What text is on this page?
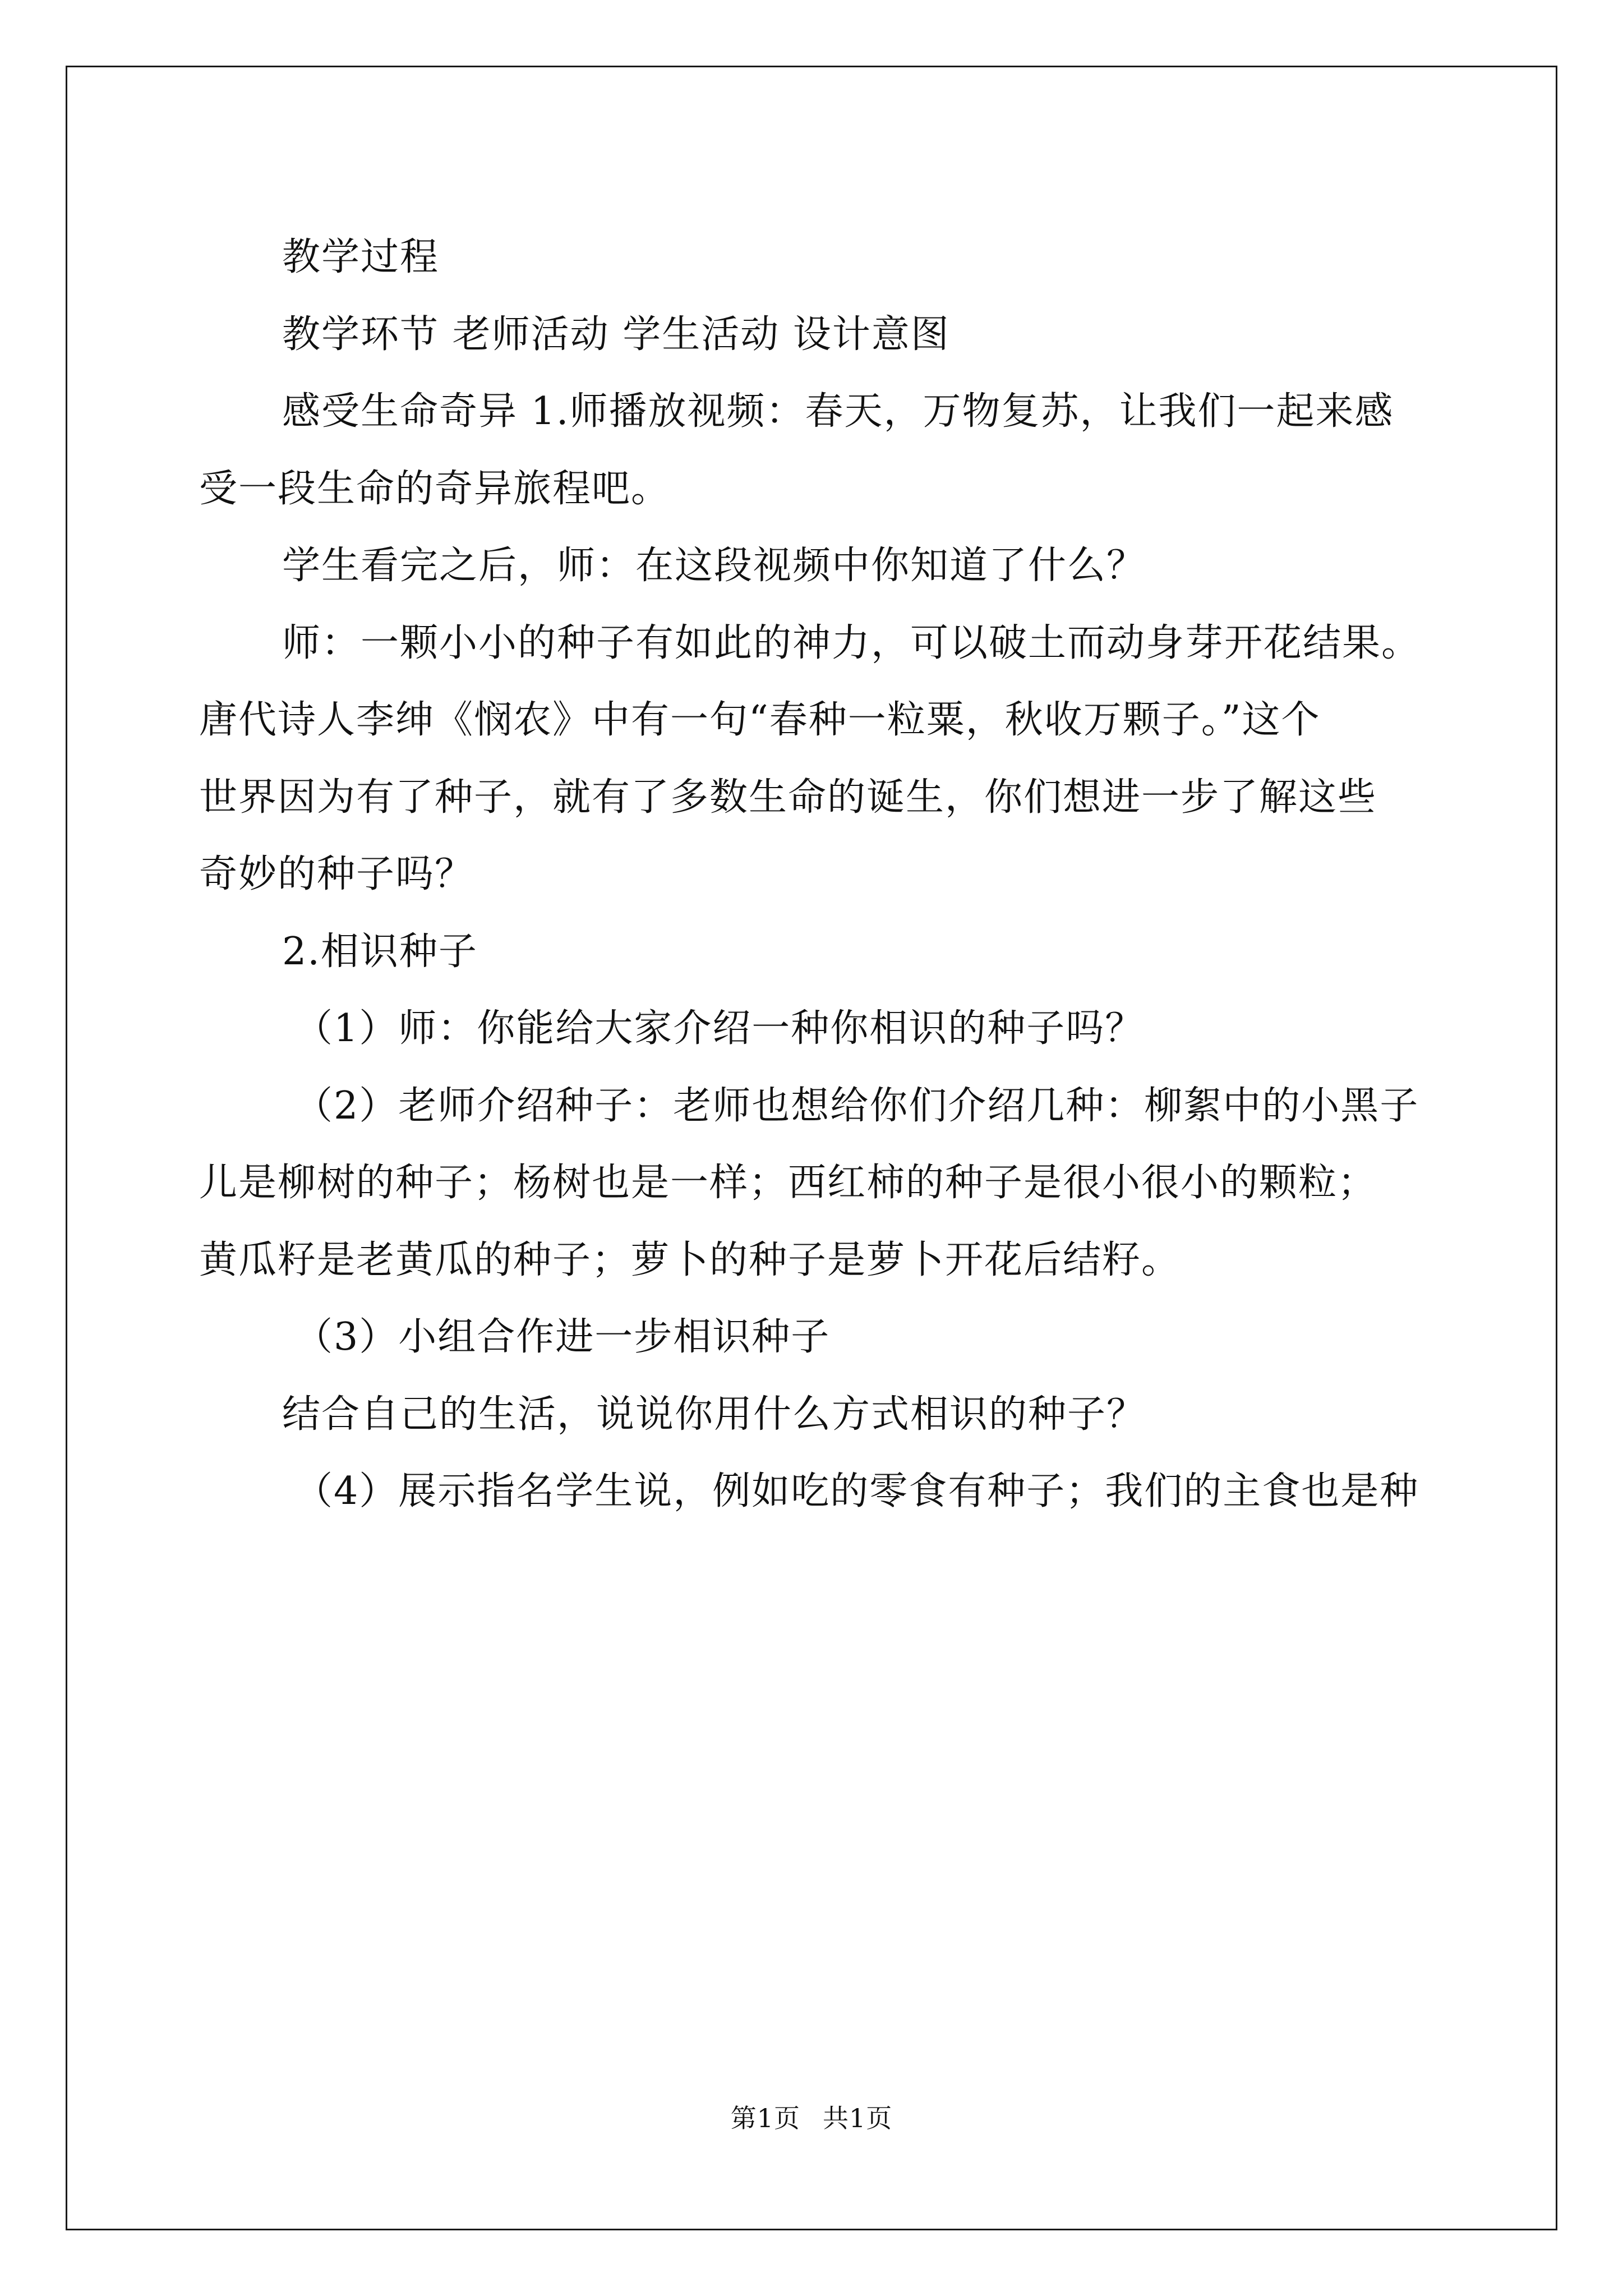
教学过程

教学环节 老师活动 学生活动 设计意图

感受生命奇异 1.师播放视频：春天，万物复苏，让我们一起来感

受一段生命的奇异旅程吧。

学生看完之后，师：在这段视频中你知道了什么？

师：一颗小小的种子有如此的神力，可以破土而动身芽开花结果。

唐代诗人李绅《悯农》中有一句“春种一粒粟，秋收万颗子。”这个

世界因为有了种子，就有了多数生命的诞生，你们想进一步了解这些

奇妙的种子吗？

2.相识种子

（1）师：你能给大家介绍一种你相识的种子吗？

（2）老师介绍种子：老师也想给你们介绍几种：柳絮中的小黑子

儿是柳树的种子；杨树也是一样；西红柿的种子是很小很小的颗粒；

黄瓜籽是老黄瓜的种子；萝卜的种子是萝卜开花后结籽。

（3）小组合作进一步相识种子

结合自己的生活，说说你用什么方式相识的种子？

（4）展示指名学生说，例如吃的零食有种子；我们的主食也是种

第1页 共1页
